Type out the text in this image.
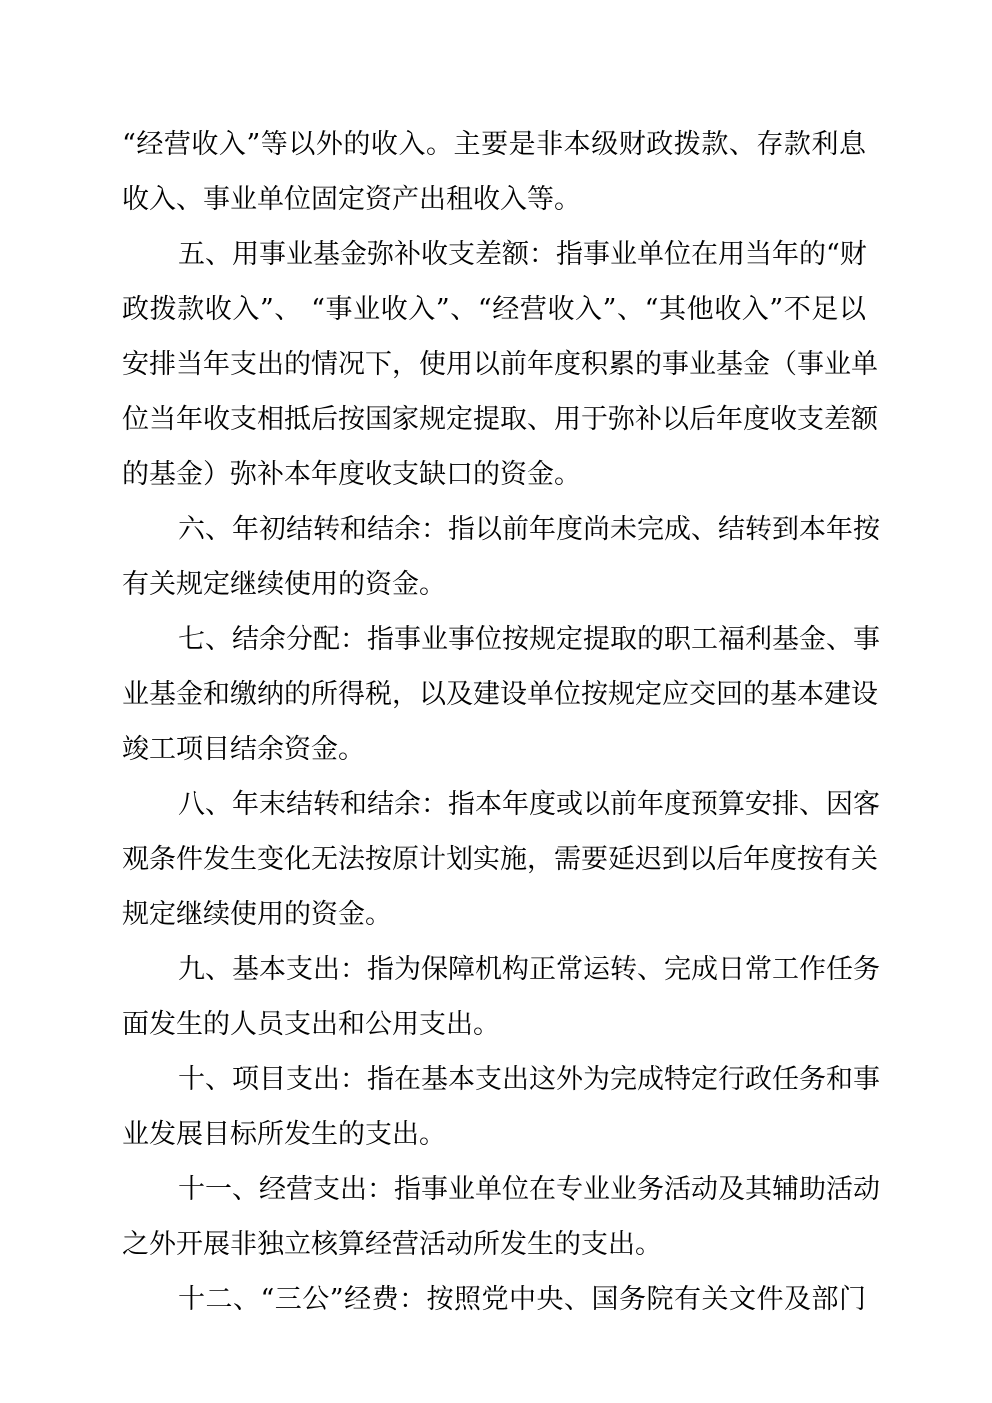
“经营收入”等以外的收入。主要是非本级财政拨款、存款利息
收入、事业单位固定资产出租收入等。
五、用事业基金弥补收支差额：指事业单位在用当年的“财
政拨款收入”、 “事业收入”、“经营收入”、“其他收入”不足以
安排当年支出的情况下，使用以前年度积累的事业基金（事业单
位当年收支相抵后按国家规定提取、用于弥补以后年度收支差额
的基金）弥补本年度收支缺口的资金。
六、年初结转和结余：指以前年度尚未完成、结转到本年按
有关规定继续使用的资金。
七、结余分配：指事业事位按规定提取的职工福利基金、事
业基金和缴纳的所得税，以及建设单位按规定应交回的基本建设
竣工项目结余资金。
八、年末结转和结余：指本年度或以前年度预算安排、因客
观条件发生变化无法按原计划实施，需要延迟到以后年度按有关
规定继续使用的资金。
九、基本支出：指为保障机构正常运转、完成日常工作任务
面发生的人员支出和公用支出。
十、项目支出：指在基本支出这外为完成特定行政任务和事
业发展目标所发生的支出。
十一、经营支出：指事业单位在专业业务活动及其辅助活动
之外开展非独立核算经营活动所发生的支出。
十二、“三公”经费：按照党中央、国务院有关文件及部门
